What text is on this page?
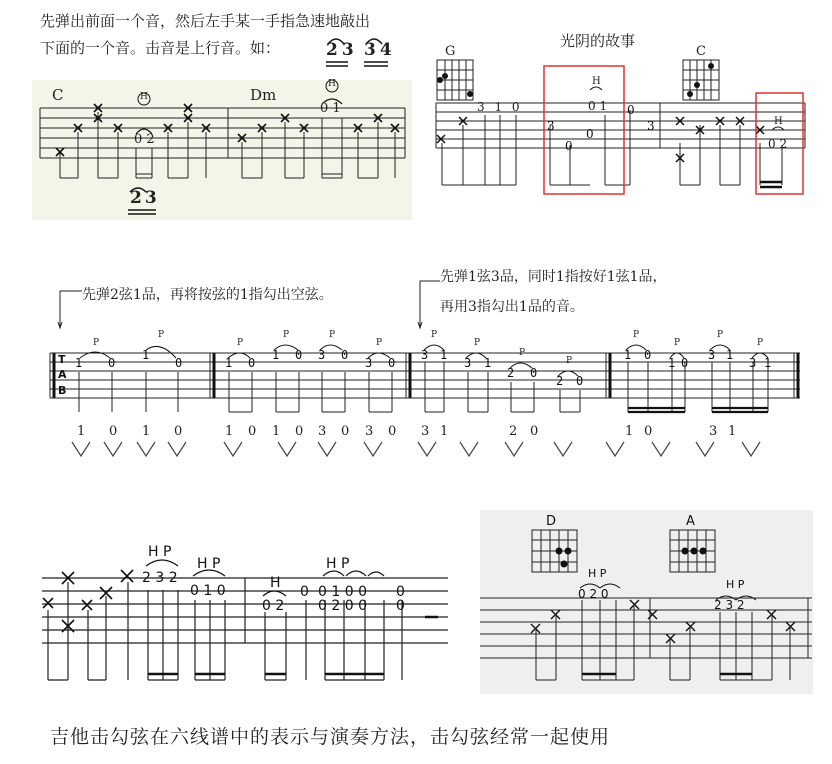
先弹出前面一个音，然后左手某一手指急速地敲出
下面的一个音。击音是上行音。如：	23 34
C	Dm
H
H
0 2
0 1
23
光阴的故事
G	C
3
0
0
0
3
3 1 0
H
0 1
H
0 2
先弹2弦1品，再将按弦的1指勾出空弦。
先弹1弦3品，同时1指按好1弦1品，
再用3指勾出1品的音。
1 0
1
0	1 0
1 0 3 0
3 0
3 1
3 1
2 0
2 0
1 0
1 0
3 1
3 1
T
A
B
P
P
P
P	P
P
P
P
P
P
P
P
P
P
1 0 1 0	1 0 1 0 3 0 3 0 3 1	2 0	1 0	3 1
H P
H P	H P
H
2 3 2
0 1 0
0 2
0 1 0 0
0 2 0 0
0	0
0
D	A
H P
H P
0 2 0
2 3 2
吉他击勾弦在六线谱中的表示与演奏方法，击勾弦经常一起使用
